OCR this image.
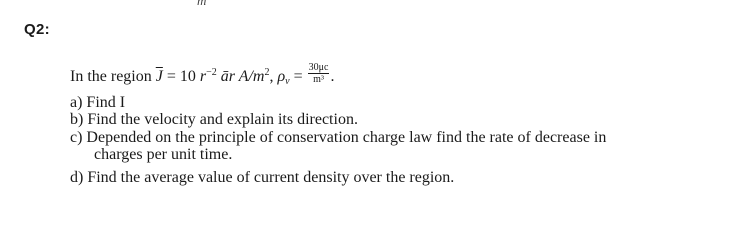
m
Q2:
In the region $\overline{J} = 10$ $r^{-2}$ ār $A/m^2$, $\rho_v = \frac{30\mu c}{\text{m³}}$ .
a) Find I
b) Find the velocity and explain its direction.
c) Depended on the principle of conservation charge law find the rate of decrease in
charges per unit time.
d) Find the average value of current density over the region.
